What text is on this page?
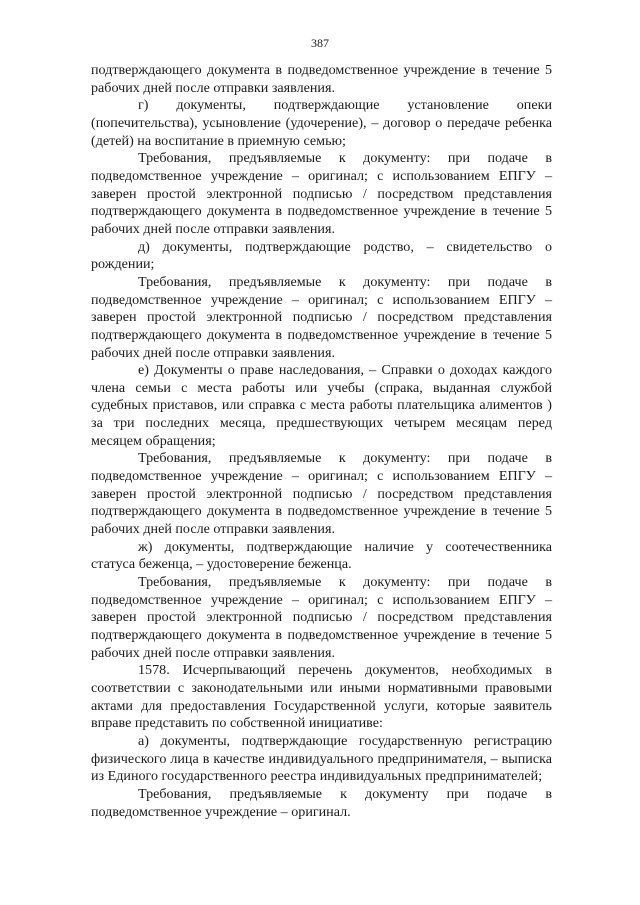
387

подтверждающего документа в подведомственное учреждение в течение 5 рабочих дней после отправки заявления.

г) документы, подтверждающие установление опеки (попечительства), усыновление (удочерение), – договор о передаче ребенка (детей) на воспитание в приемную семью;

Требования, предъявляемые к документу: при подаче в подведомственное учреждение – оригинал; с использованием ЕПГУ – заверен простой электронной подписью / посредством представления подтверждающего документа в подведомственное учреждение в течение 5 рабочих дней после отправки заявления.

д) документы, подтверждающие родство, – свидетельство о рождении;

Требования, предъявляемые к документу: при подаче в подведомственное учреждение – оригинал; с использованием ЕПГУ – заверен простой электронной подписью / посредством представления подтверждающего документа в подведомственное учреждение в течение 5 рабочих дней после отправки заявления.

е) Документы о праве наследования, – Справки о доходах каждого члена семьи с места работы или учебы (спрака, выданная службой судебных приставов, или справка с места работы плательщика алиментов ) за три последних месяца, предшествующих четырем месяцам перед месяцем обращения;

Требования, предъявляемые к документу: при подаче в подведомственное учреждение – оригинал; с использованием ЕПГУ – заверен простой электронной подписью / посредством представления подтверждающего документа в подведомственное учреждение в течение 5 рабочих дней после отправки заявления.

ж) документы, подтверждающие наличие у соотечественника статуса беженца, – удостоверение беженца.

Требования, предъявляемые к документу: при подаче в подведомственное учреждение – оригинал; с использованием ЕПГУ – заверен простой электронной подписью / посредством представления подтверждающего документа в подведомственное учреждение в течение 5 рабочих дней после отправки заявления.

1578. Исчерпывающий перечень документов, необходимых в соответствии с законодательными или иными нормативными правовыми актами для предоставления Государственной услуги, которые заявитель вправе представить по собственной инициативе:

а) документы, подтверждающие государственную регистрацию физического лица в качестве индивидуального предпринимателя, – выписка из Единого государственного реестра индивидуальных предпринимателей;

Требования, предъявляемые к документу при подаче в подведомственное учреждение – оригинал.
